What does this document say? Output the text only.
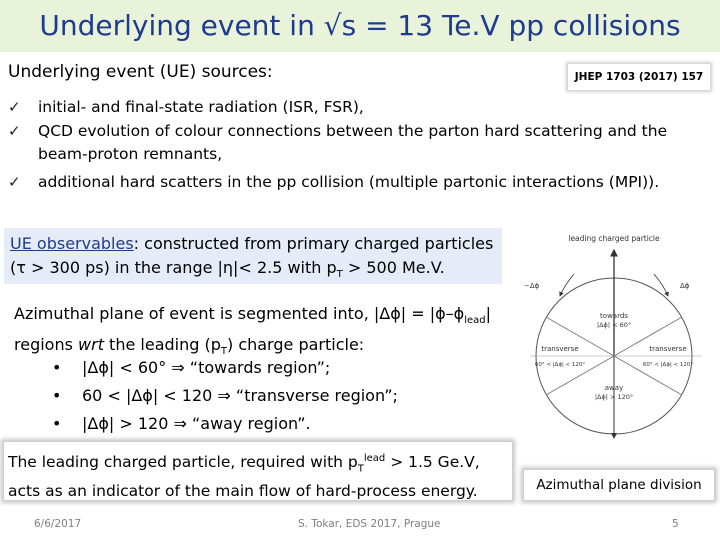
Underlying event in √s = 13 Te.V pp collisions
Underlying event (UE) sources:	JHEP 1703 (2017) 157
✓ initial- and final-state radiation (ISR, FSR),
✓ QCD evolution of colour connections between the parton hard scattering and the beam-proton remnants,
✓ additional hard scatters in the pp collision (multiple partonic interactions (MPI)).

UE observables: constructed from primary charged particles
(τ > 300 ps) in the range |η|< 2.5 with $p_T > 500$ Me.V.

Azimuthal plane of event is segmented into, $|\Delta\phi| = |\phi-\phi_{lead}|$
regions wrt the leading $(p_T)$ charge particle:
• |Δϕ| < 60° ⇒ “towards region”;
• 60 < |Δϕ| < 120 ⇒ “transverse region”;
• |Δϕ| > 120 ⇒ “away region”.

The leading charged particle, required with $p_T^{lead} > 1.5$ Ge.V,
acts as an indicator of the main flow of hard-process energy.

leading charged particle
−Δϕ	Δϕ
towards
|Δϕ| < 60°
transverse
60° < |Δϕ| < 120°
transverse
60° < |Δϕ| < 120°
away
|Δϕ| > 120°
Azimuthal plane division
6/6/2017	S. Tokar, EDS 2017, Prague	5
